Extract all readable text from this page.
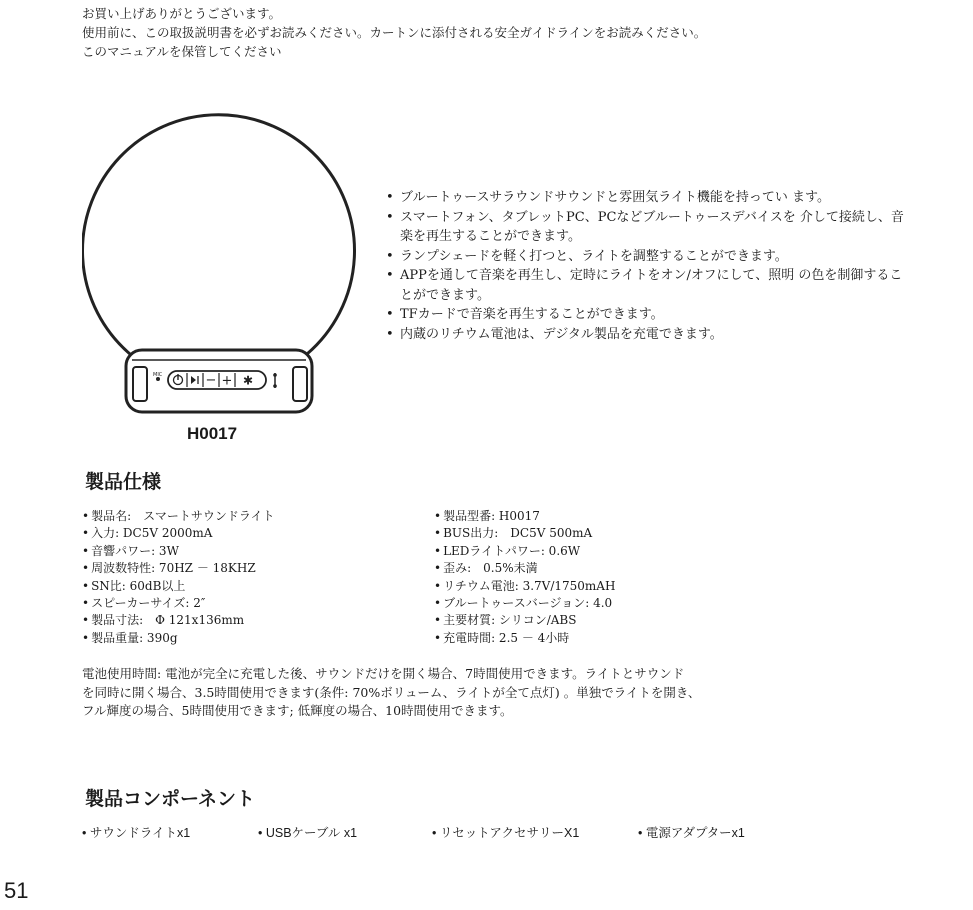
お買い上げありがとうございます。
使用前に、この取扱説明書を必ずお読みください。カートンに添付される安全ガイドラインをお読みください。
このマニュアルを保管してください
MIC	− + ✱
H0017
• ブルートゥースサラウンドサウンドと雰囲気ライト機能を持ってい ます。
• スマートフォン、タブレットPC、PCなどブルートゥースデバイスを 介して接続し、音楽を再生することができます。
• ランプシェードを軽く打つと、ライトを調整することができます。
• APPを通して音楽を再生し、定時にライトをオン/オフにして、照明 の色を制御することができます。
• TFカードで音楽を再生することができます。
• 内蔵のリチウム電池は、デジタル製品を充電できます。
製品仕様
• 製品名:　スマートサウンドライト
• 入力: DC5V 2000mA
• 音響パワー: 3W
• 周波数特性: 70HZ － 18KHZ
• SN比: 60dB以上
• スピーカーサイズ: 2″
• 製品寸法:　Φ 121x136mm
• 製品重量: 390g
• 製品型番: H0017
• BUS出力:　DC5V 500mA
• LEDライトパワー: 0.6W
• 歪み:　0.5%未満
• リチウム電池: 3.7V/1750mAH
• ブルートゥースバージョン: 4.0
• 主要材質: シリコン/ABS
• 充電時間: 2.5 － 4小時
電池使用時間: 電池が完全に充電した後、サウンドだけを開く場合、7時間使用できます。ライトとサウンド
を同時に開く場合、3.5時間使用できます(条件: 70%ボリューム、ライトが全て点灯) 。単独でライトを開き、
フル輝度の場合、5時間使用できます; 低輝度の場合、10時間使用できます。
製品コンポーネント
• サウンドライトx1	• USBケーブル x1	• リセットアクセサリーX1	• 電源アダプターx1
51
